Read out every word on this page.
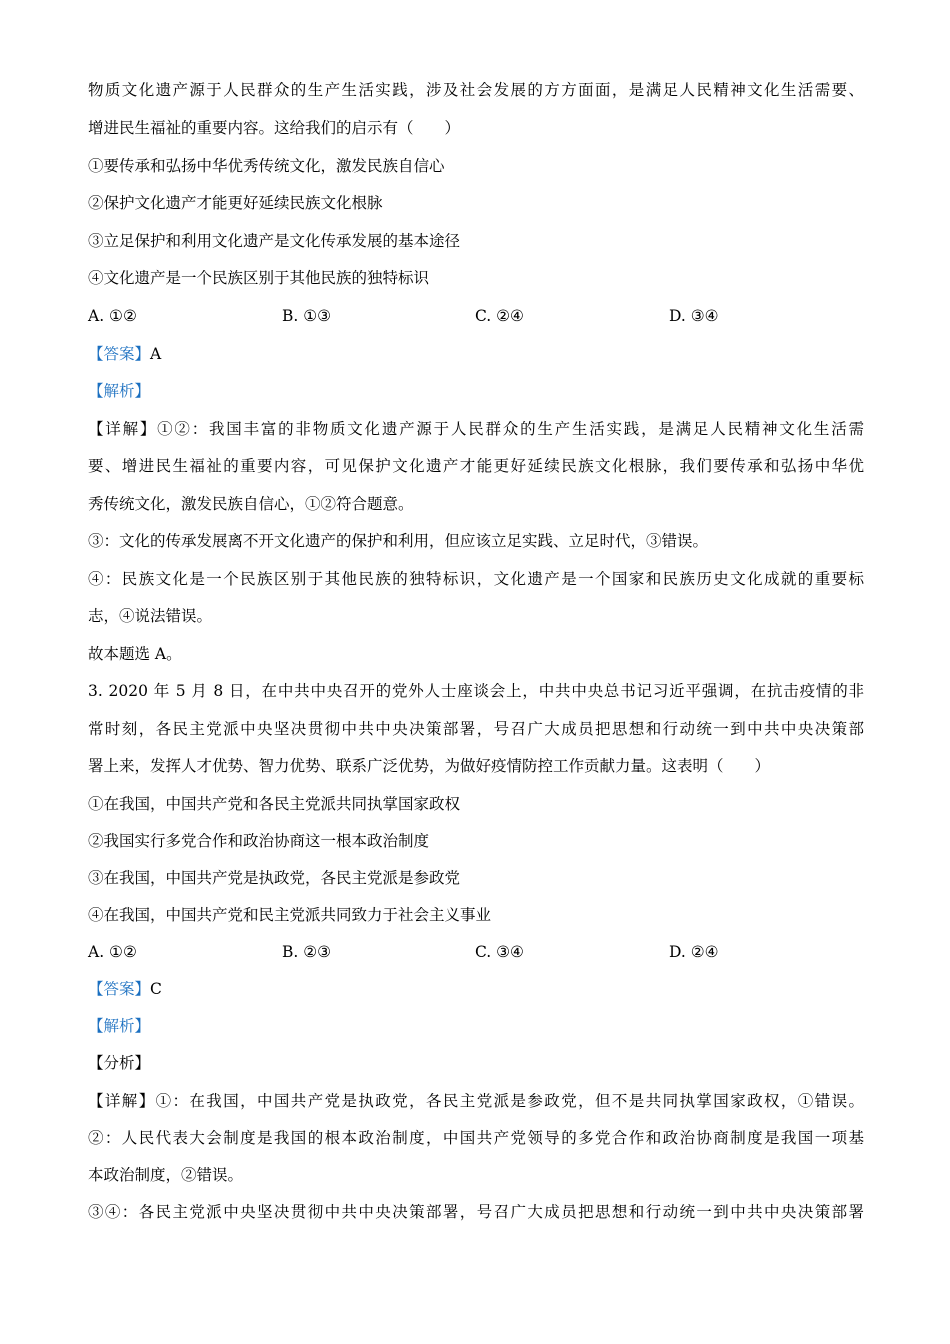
物质文化遗产源于人民群众的生产生活实践，涉及社会发展的方方面面，是满足人民精神文化生活需要、
增进民生福祉的重要内容。这给我们的启示有（　　）
①要传承和弘扬中华优秀传统文化，激发民族自信心
②保护文化遗产才能更好延续民族文化根脉
③立足保护和利用文化遗产是文化传承发展的基本途径
④文化遗产是一个民族区别于其他民族的独特标识
A. ①②	B. ①③	C. ②④	D. ③④
【答案】A
【解析】
【详解】①②：我国丰富的非物质文化遗产源于人民群众的生产生活实践，是满足人民精神文化生活需
要、增进民生福祉的重要内容，可见保护文化遗产才能更好延续民族文化根脉，我们要传承和弘扬中华优
秀传统文化，激发民族自信心，①②符合题意。
③：文化的传承发展离不开文化遗产的保护和利用，但应该立足实践、立足时代，③错误。
④：民族文化是一个民族区别于其他民族的独特标识，文化遗产是一个国家和民族历史文化成就的重要标
志，④说法错误。
故本题选 A。
3. 2020 年 5 月 8 日，在中共中央召开的党外人士座谈会上，中共中央总书记习近平强调，在抗击疫情的非
常时刻，各民主党派中央坚决贯彻中共中央决策部署，号召广大成员把思想和行动统一到中共中央决策部
署上来，发挥人才优势、智力优势、联系广泛优势，为做好疫情防控工作贡献力量。这表明（　　）
①在我国，中国共产党和各民主党派共同执掌国家政权
②我国实行多党合作和政治协商这一根本政治制度
③在我国，中国共产党是执政党，各民主党派是参政党
④在我国，中国共产党和民主党派共同致力于社会主义事业
A. ①②	B. ②③	C. ③④	D. ②④
【答案】C
【解析】
【分析】
【详解】①：在我国，中国共产党是执政党，各民主党派是参政党，但不是共同执掌国家政权，①错误。
②：人民代表大会制度是我国的根本政治制度，中国共产党领导的多党合作和政治协商制度是我国一项基
本政治制度，②错误。
③④：各民主党派中央坚决贯彻中共中央决策部署，号召广大成员把思想和行动统一到中共中央决策部署
